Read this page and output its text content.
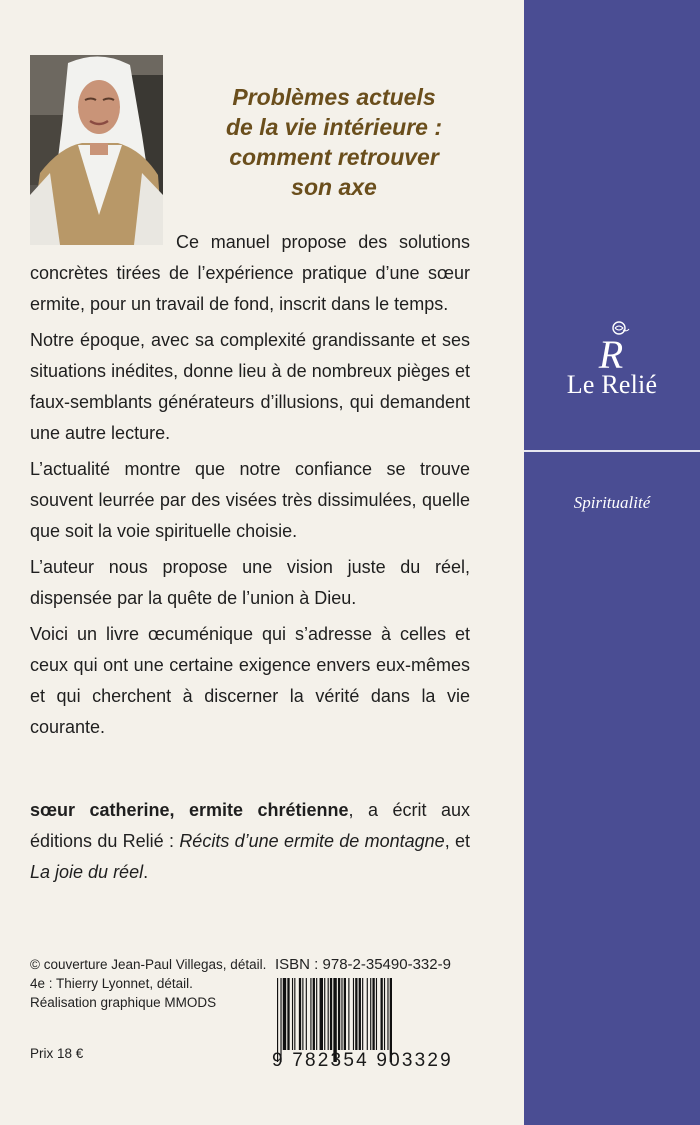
Problèmes actuels
de la vie intérieure :
comment retrouver
son axe

Ce manuel propose des solutions concrètes tirées de l’expérience pratique d’une sœur ermite, pour un travail de fond, inscrit dans le temps.

Notre époque, avec sa complexité grandissante et ses situations inédites, donne lieu à de nombreux pièges et faux-semblants générateurs d’illusions, qui demandent une autre lecture.

L’actualité montre que notre confiance se trouve souvent leurrée par des visées très dissimulées, quelle que soit la voie spirituelle choisie.

L’auteur nous propose une vision juste du réel, dispensée par la quête de l’union à Dieu.

Voici un livre œcuménique qui s’adresse à celles et ceux qui ont une certaine exigence envers eux-mêmes et qui cherchent à discerner la vérité dans la vie courante.

sœur catherine, ermite chrétienne, a écrit aux éditions du Relié : Récits d’une ermite de montagne, et La joie du réel.
© couverture Jean-Paul Villegas, détail.
4e : Thierry Lyonnet, détail.
Réalisation graphique MMODS
Prix 18 €
ISBN : 978-2-35490-332-9
9 782354 903329
R
Le Relié
Spiritualité
